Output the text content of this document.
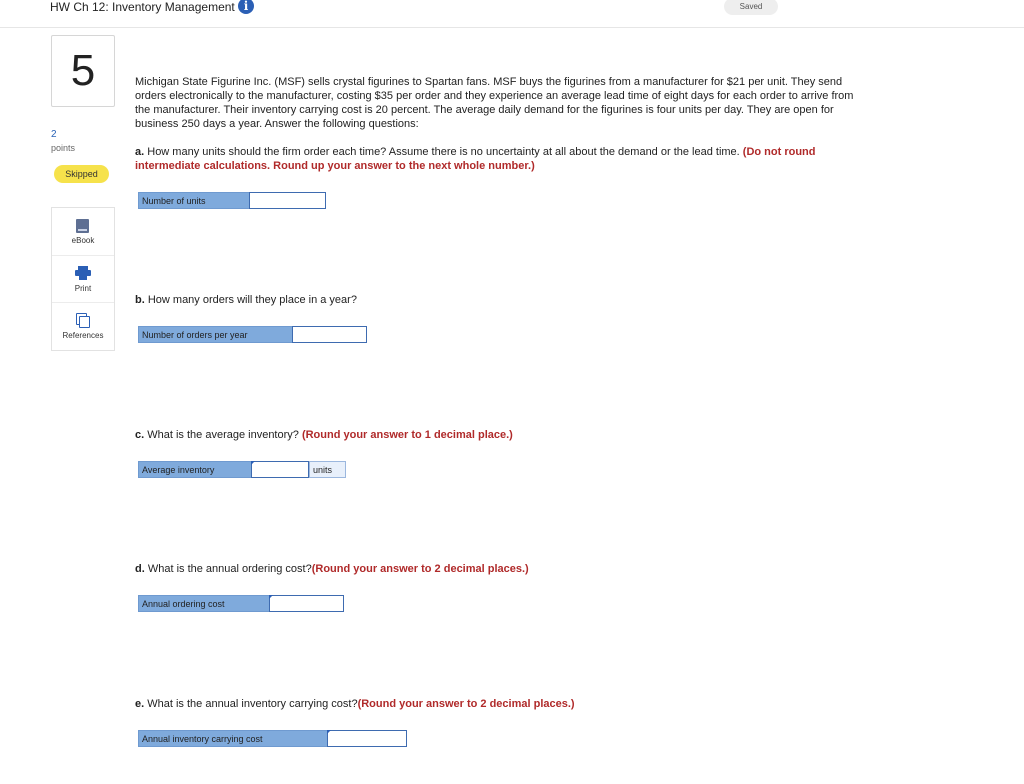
HW Ch 12: Inventory Management i	Saved
5
2
points
Skipped
eBook
Print
References
Michigan State Figurine Inc. (MSF) sells crystal figurines to Spartan fans. MSF buys the figurines from a manufacturer for $21 per unit. They send orders electronically to the manufacturer, costing $35 per order and they experience an average lead time of eight days for each order to arrive from the manufacturer. Their inventory carrying cost is 20 percent. The average daily demand for the figurines is four units per day. They are open for business 250 days a year. Answer the following questions:
a. How many units should the firm order each time? Assume there is no uncertainty at all about the demand or the lead time. (Do not round intermediate calculations. Round up your answer to the next whole number.)
Number of units
b. How many orders will they place in a year?
Number of orders per year
c. What is the average inventory? (Round your answer to 1 decimal place.)
Average inventory	units
d. What is the annual ordering cost?(Round your answer to 2 decimal places.)
Annual ordering cost
e. What is the annual inventory carrying cost?(Round your answer to 2 decimal places.)
Annual inventory carrying cost
